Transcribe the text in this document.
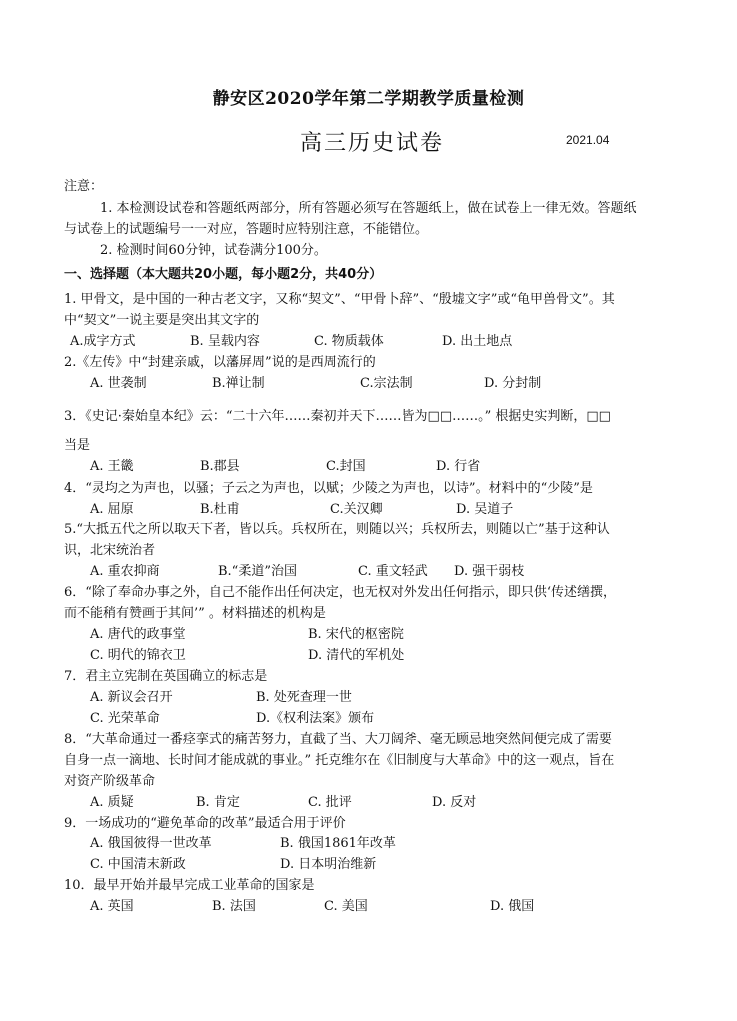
静安区2020学年第二学期教学质量检测
高三历史试卷	2021.04
注意：
1. 本检测设试卷和答题纸两部分，所有答题必须写在答题纸上，做在试卷上一律无效。答题纸
与试卷上的试题编号一一对应，答题时应特别注意，不能错位。
2. 检测时间60分钟，试卷满分100分。
一、选择题（本大题共20小题，每小题2分，共40分）
1. 甲骨文，是中国的一种古老文字，又称“契文”、“甲骨卜辞”、“殷墟文字”或“龟甲兽骨文”。其
中“契文”一说主要是突出其文字的
A.成字方式	B. 呈载内容	C. 物质载体	D. 出土地点
2.《左传》中“封建亲戚，以藩屏周”说的是西周流行的
A. 世袭制	B.禅让制	C.宗法制	D. 分封制
3．《史记·秦始皇本纪》云：“二十六年……秦初并天下……皆为□□……。” 根据史实判断，□□
当是
A. 王畿	B.郡县	C.封国	D. 行省
4．“灵均之为声也，以骚；子云之为声也，以赋；少陵之为声也，以诗”。材料中的“少陵”是
A. 屈原	B.杜甫	C.关汉卿	D. 吴道子
5.“大抵五代之所以取天下者，皆以兵。兵权所在，则随以兴；兵权所去，则随以亡”基于这种认
识，北宋统治者
A. 重农抑商	B.“柔道”治国	C. 重文轻武 D. 强干弱枝
6．“除了奉命办事之外，自己不能作出任何决定，也无权对外发出任何指示，即只供‘传述缮撰，
而不能稍有赞画于其间’” 。材料描述的机构是
A. 唐代的政事堂	B. 宋代的枢密院
C. 明代的锦衣卫	D. 清代的军机处
7．君主立宪制在英国确立的标志是
A. 新议会召开	B. 处死查理一世
C. 光荣革命	D.《权利法案》颁布
8．“大革命通过一番痉挛式的痛苦努力，直截了当、大刀阔斧、毫无顾忌地突然间便完成了需要
自身一点一滴地、长时间才能成就的事业。” 托克维尔在《旧制度与大革命》中的这一观点，旨在
对资产阶级革命
A. 质疑	B. 肯定	C. 批评	D. 反对
9．一场成功的“避免革命的改革”最适合用于评价
A. 俄国彼得一世改革	B. 俄国1861年改革
C. 中国清末新政	D. 日本明治维新
10．最早开始并最早完成工业革命的国家是
A. 英国	B. 法国	C. 美国	D. 俄国
